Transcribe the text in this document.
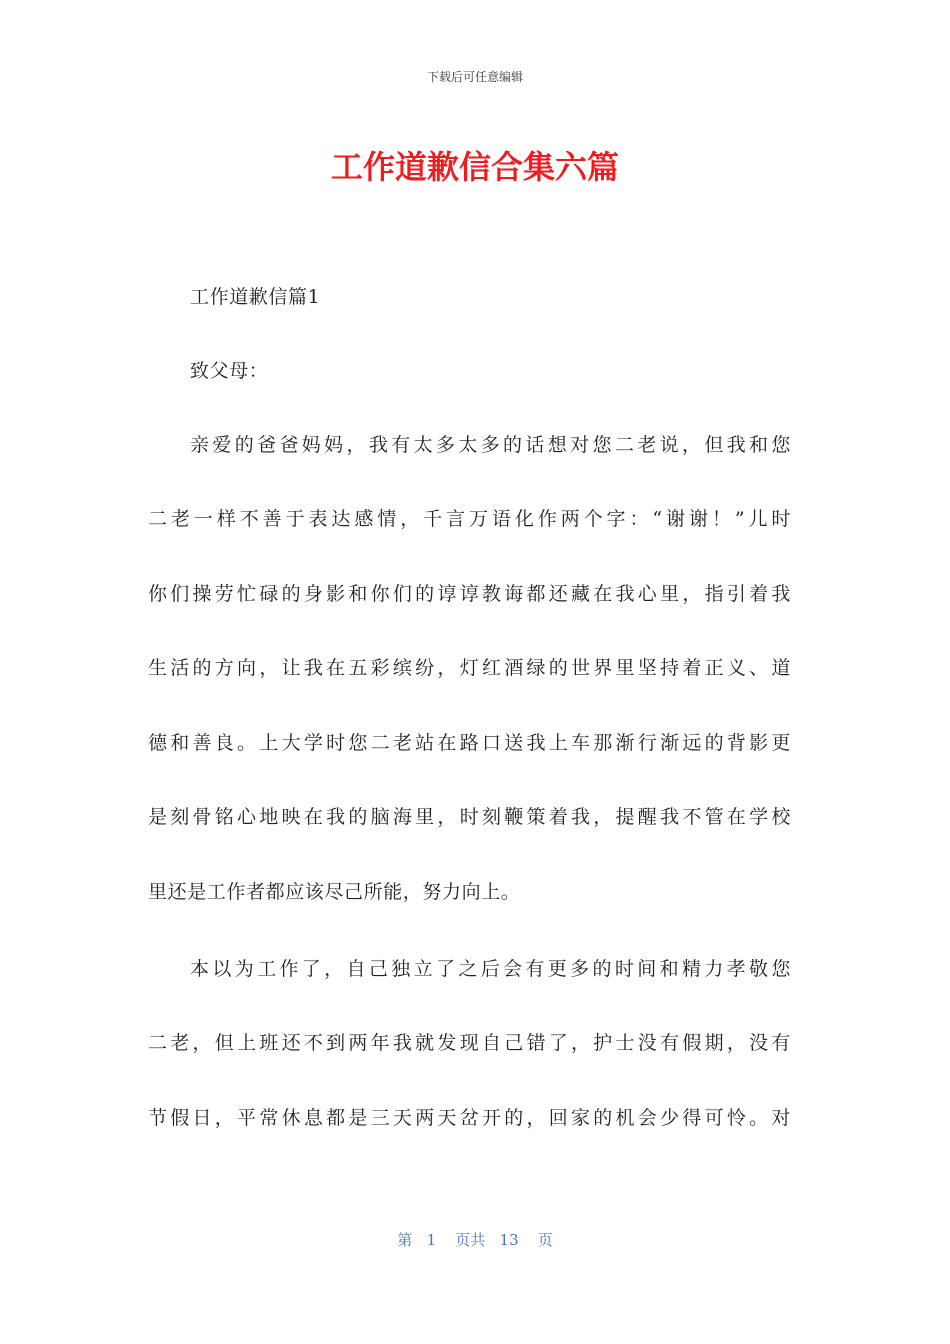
下载后可任意编辑
工作道歉信合集六篇
工作道歉信篇1
致父母：
亲爱的爸爸妈妈，我有太多太多的话想对您二老说，但我和您
二老一样不善于表达感情，千言万语化作两个字：“谢谢！”儿时
你们操劳忙碌的身影和你们的谆谆教诲都还藏在我心里，指引着我
生活的方向，让我在五彩缤纷，灯红酒绿的世界里坚持着正义、道
德和善良。上大学时您二老站在路口送我上车那渐行渐远的背影更
是刻骨铭心地映在我的脑海里，时刻鞭策着我，提醒我不管在学校
里还是工作者都应该尽己所能，努力向上。
本以为工作了，自己独立了之后会有更多的时间和精力孝敬您
二老，但上班还不到两年我就发现自己错了，护士没有假期，没有
节假日，平常休息都是三天两天岔开的，回家的机会少得可怜。对
第 1 页共 13 页
